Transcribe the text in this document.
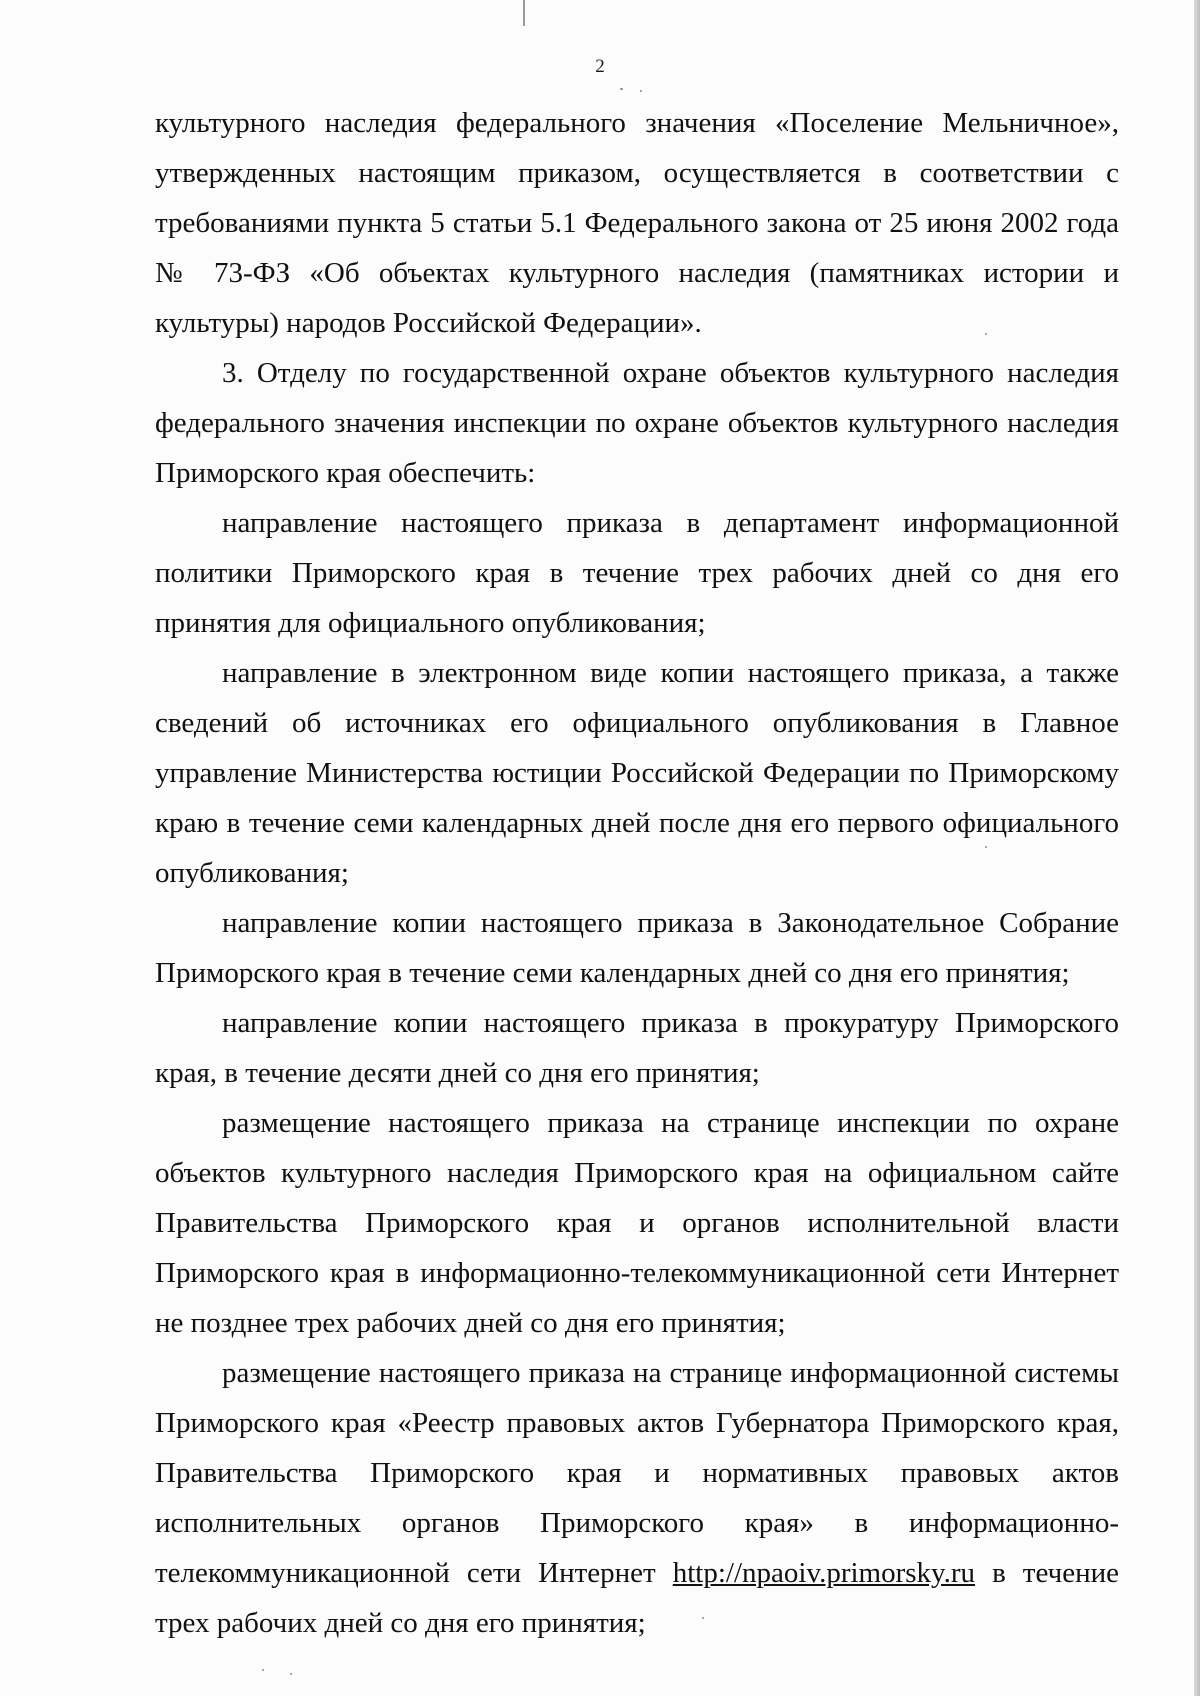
2

культурного наследия федерального значения «Поселение Мельничное», утвержденных настоящим приказом, осуществляется в соответствии с требованиями пункта 5 статьи 5.1 Федерального закона от 25 июня 2002 года № 73-ФЗ «Об объектах культурного наследия (памятниках истории и культуры) народов Российской Федерации».

3. Отделу по государственной охране объектов культурного наследия федерального значения инспекции по охране объектов культурного наследия Приморского края обеспечить:

направление настоящего приказа в департамент информационной политики Приморского края в течение трех рабочих дней со дня его принятия для официального опубликования;

направление в электронном виде копии настоящего приказа, а также сведений об источниках его официального опубликования в Главное управление Министерства юстиции Российской Федерации по Приморскому краю в течение семи календарных дней после дня его первого официального опубликования;

направление копии настоящего приказа в Законодательное Собрание Приморского края в течение семи календарных дней со дня его принятия;

направление копии настоящего приказа в прокуратуру Приморского края, в течение десяти дней со дня его принятия;

размещение настоящего приказа на странице инспекции по охране объектов культурного наследия Приморского края на официальном сайте Правительства Приморского края и органов исполнительной власти Приморского края в информационно-телекоммуникационной сети Интернет не позднее трех рабочих дней со дня его принятия;

размещение настоящего приказа на странице информационной системы Приморского края «Реестр правовых актов Губернатора Приморского края, Правительства Приморского края и нормативных правовых актов исполнительных органов Приморского края» в информационно-телекоммуникационной сети Интернет http://npaoiv.primorsky.ru в течение трех рабочих дней со дня его принятия;
